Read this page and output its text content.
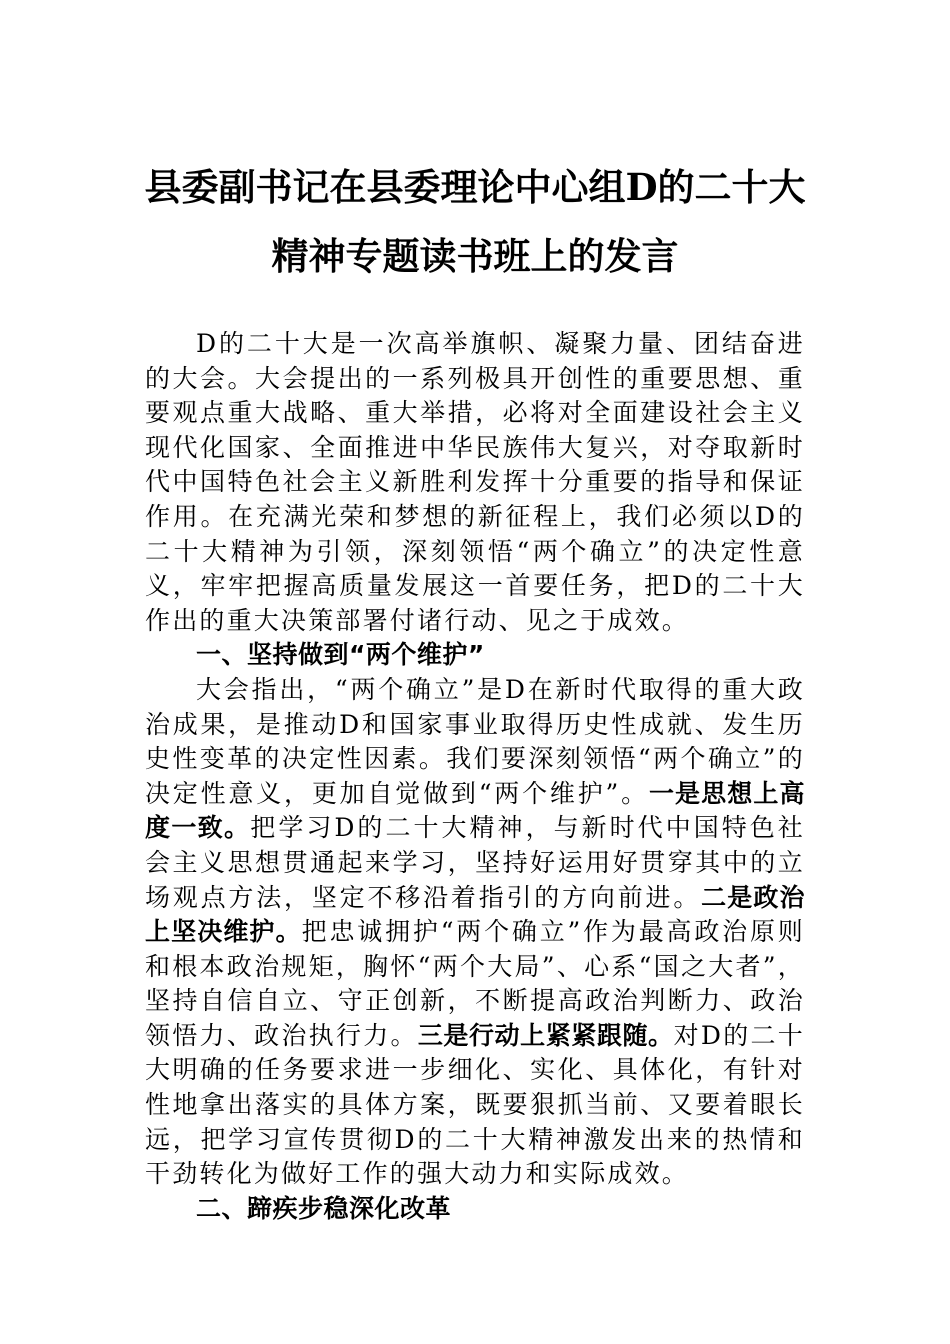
县委副书记在县委理论中心组D的二十大
精神专题读书班上的发言

D的二十大是一次高举旗帜、凝聚力量、团结奋进的大会。大会提出的一系列极具开创性的重要思想、重要观点重大战略、重大举措，必将对全面建设社会主义现代化国家、全面推进中华民族伟大复兴，对夺取新时代中国特色社会主义新胜利发挥十分重要的指导和保证作用。在充满光荣和梦想的新征程上，我们必须以D的二十大精神为引领，深刻领悟“两个确立”的决定性意义，牢牢把握高质量发展这一首要任务，把D的二十大作出的重大决策部署付诸行动、见之于成效。

一、坚持做到“两个维护”

大会指出，“两个确立”是D在新时代取得的重大政治成果，是推动D和国家事业取得历史性成就、发生历史性变革的决定性因素。我们要深刻领悟“两个确立”的决定性意义，更加自觉做到“两个维护”。一是思想上高度一致。把学习D的二十大精神，与新时代中国特色社会主义思想贯通起来学习，坚持好运用好贯穿其中的立场观点方法，坚定不移沿着指引的方向前进。二是政治上坚决维护。把忠诚拥护“两个确立”作为最高政治原则和根本政治规矩，胸怀“两个大局”、心系“国之大者”，坚持自信自立、守正创新，不断提高政治判断力、政治领悟力、政治执行力。三是行动上紧紧跟随。对D的二十大明确的任务要求进一步细化、实化、具体化，有针对性地拿出落实的具体方案，既要狠抓当前、又要着眼长远，把学习宣传贯彻D的二十大精神激发出来的热情和干劲转化为做好工作的强大动力和实际成效。

二、蹄疾步稳深化改革
